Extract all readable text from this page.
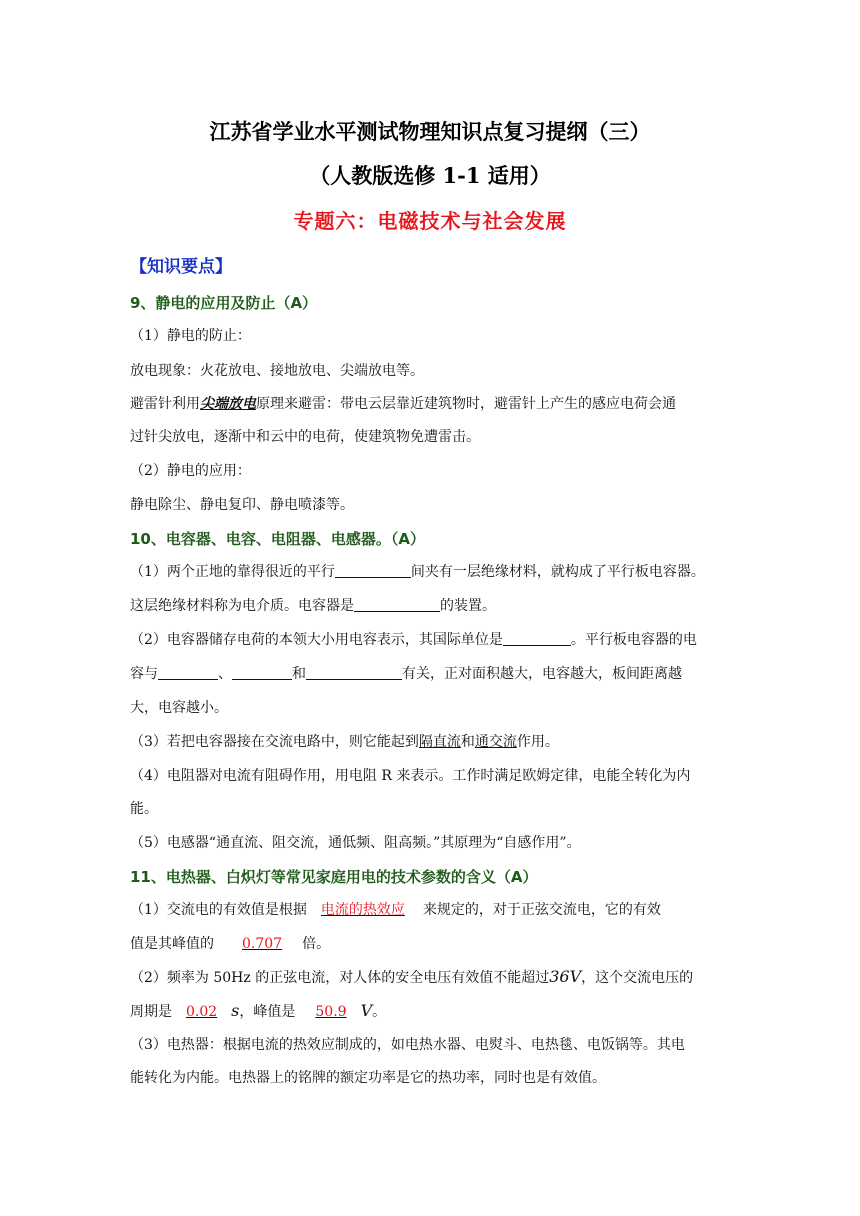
江苏省学业水平测试物理知识点复习提纲（三）
（人教版选修 1-1 适用）
专题六：电磁技术与社会发展
【知识要点】
9、静电的应用及防止（A）
（1）静电的防止：
放电现象：火花放电、接地放电、尖端放电等。
避雷针利用尖端放电原理来避雷：带电云层靠近建筑物时，避雷针上产生的感应电荷会通
过针尖放电，逐渐中和云中的电荷，使建筑物免遭雷击。
（2）静电的应用：
静电除尘、静电复印、静电喷漆等。
10、电容器、电容、电阻器、电感器。（A）
（1）两个正地的靠得很近的平行	间夹有一层绝缘材料，就构成了平行板电容器。
这层绝缘材料称为电介质。电容器是	的装置。
（2）电容器储存电荷的本领大小用电容表示，其国际单位是	。平行板电容器的电
容与	、	和	有关，正对面积越大，电容越大，板间距离越
大，电容越小。
（3）若把电容器接在交流电路中，则它能起到隔直流和通交流作用。
（4）电阻器对电流有阻碍作用，用电阻 R 来表示。工作时满足欧姆定律，电能全转化为内
能。
（5）电感器“通直流、阻交流，通低频、阻高频。”其原理为“自感作用”。
11、电热器、白炽灯等常见家庭用电的技术参数的含义（A）
（1）交流电的有效值是根据 电流的热效应 来规定的，对于正弦交流电，它的有效
值是其峰值的 0.707 倍。
（2）频率为 50Hz 的正弦电流，对人体的安全电压有效值不能超过36V，这个交流电压的
周期是 0.02 s，峰值是 50.9 V。
（3）电热器：根据电流的热效应制成的，如电热水器、电熨斗、电热毯、电饭锅等。其电
能转化为内能。电热器上的铭牌的额定功率是它的热功率，同时也是有效值。
